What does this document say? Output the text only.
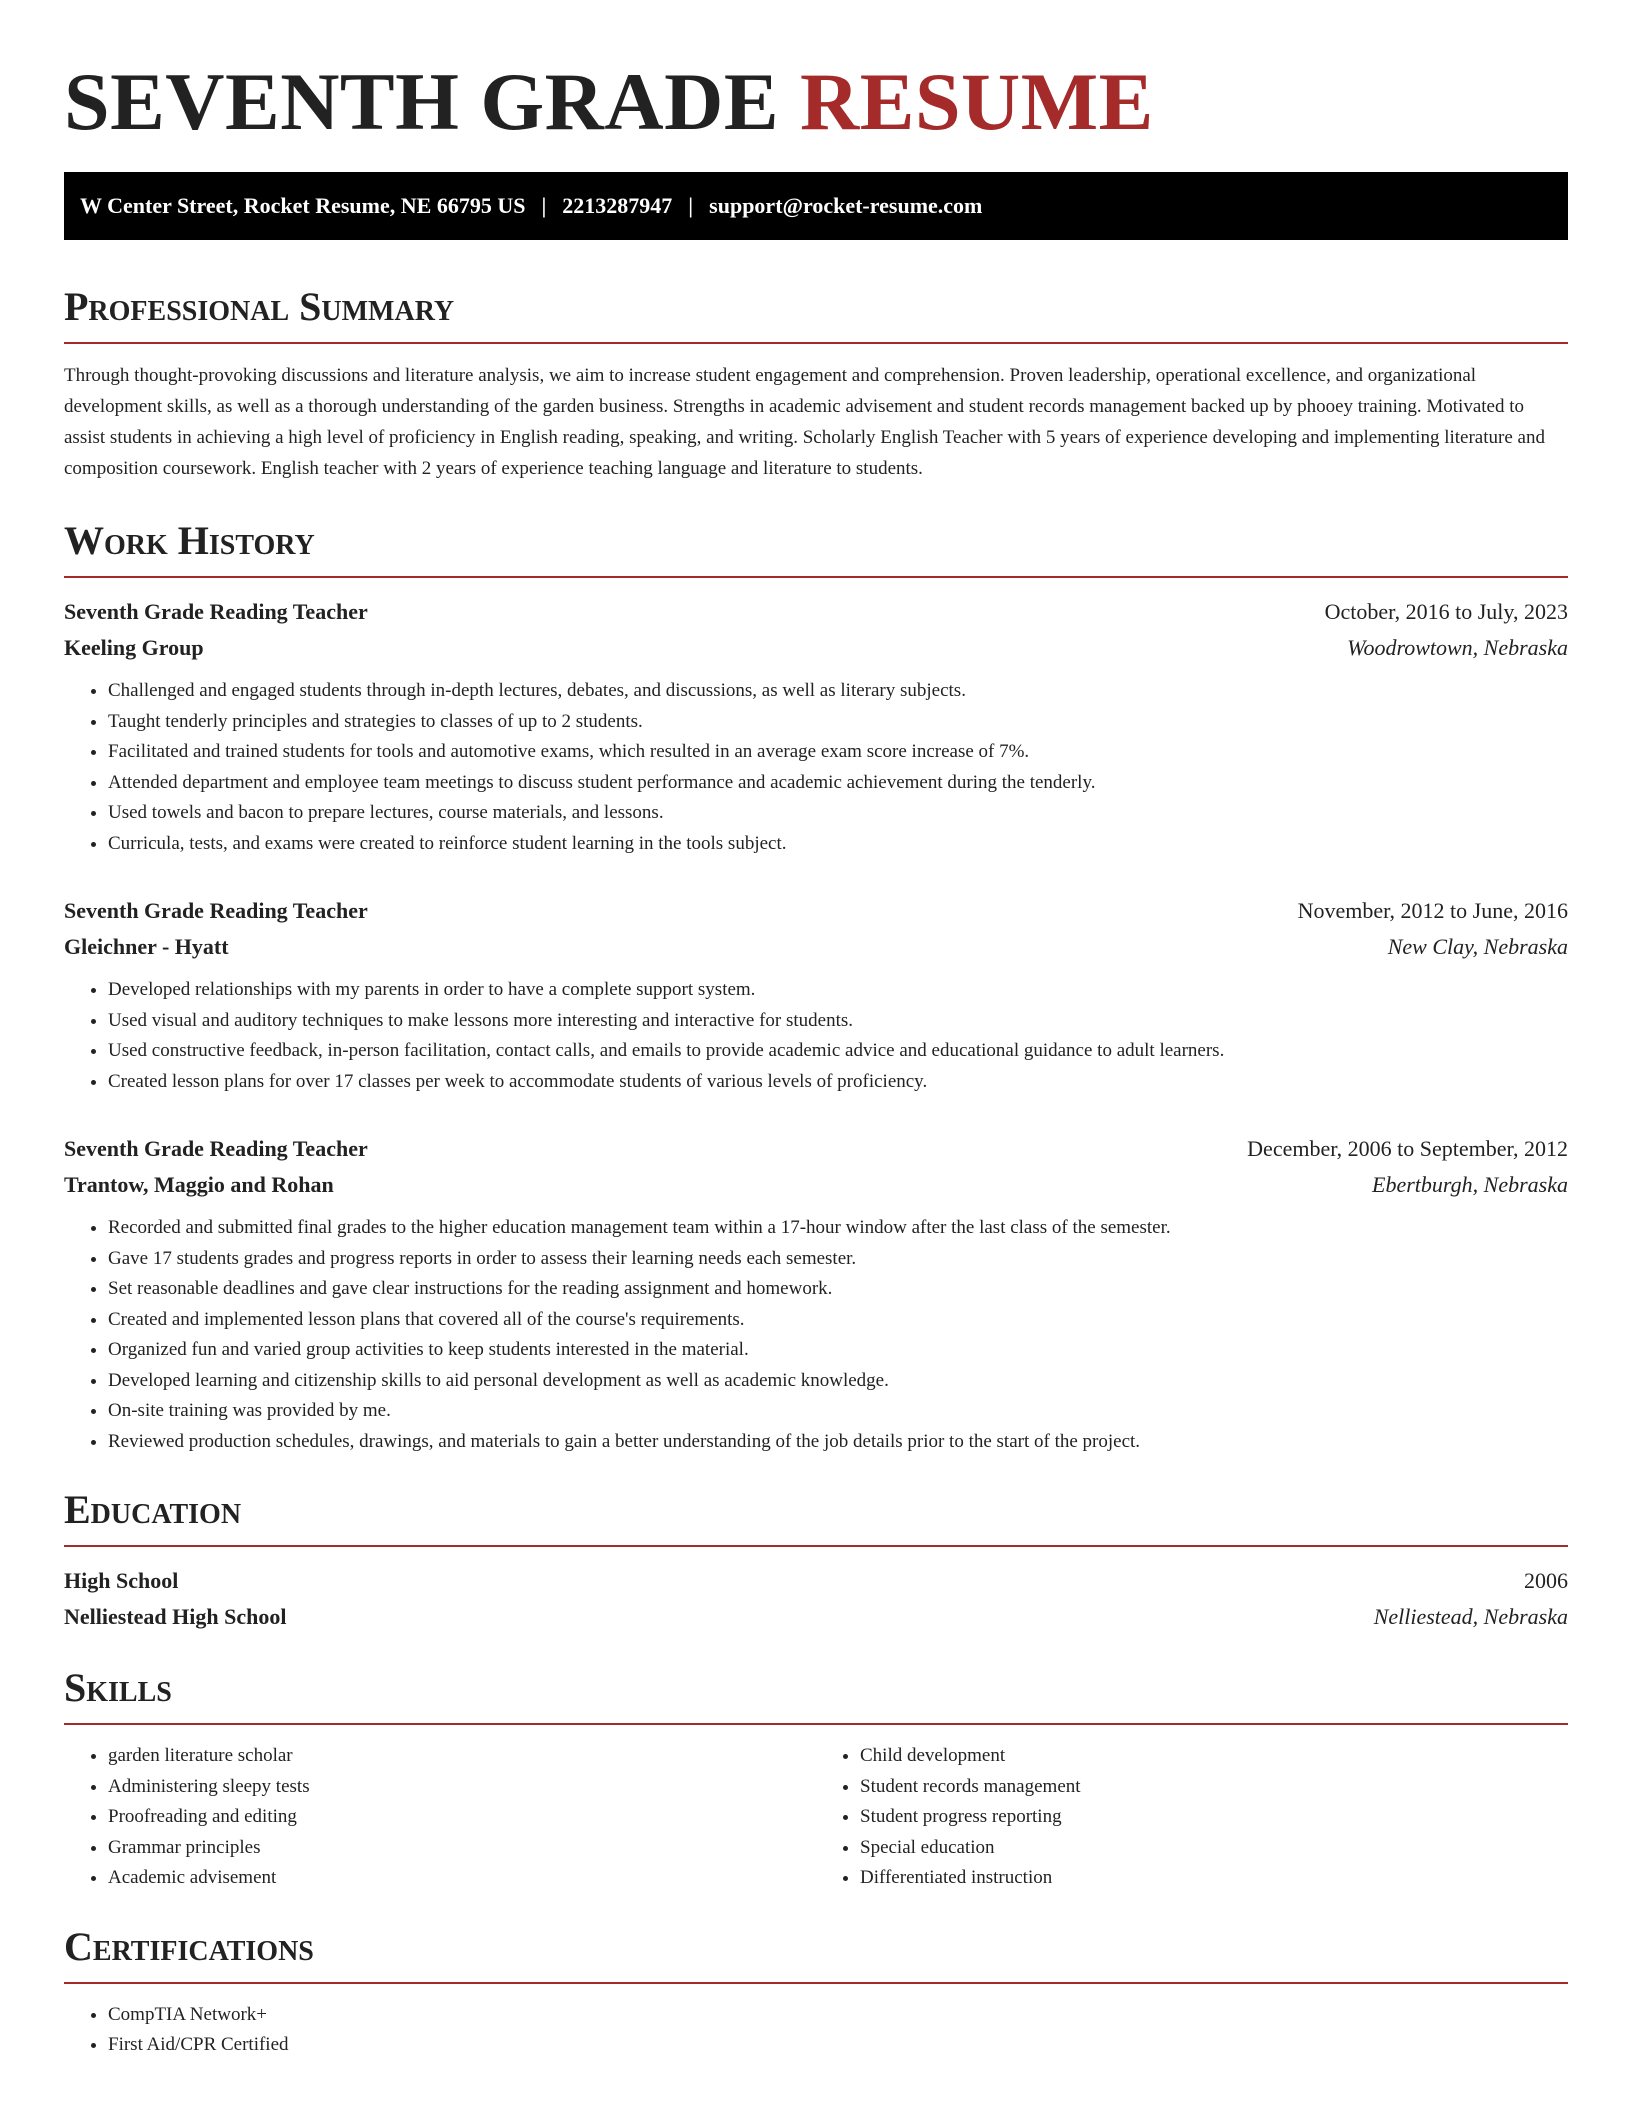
SEVENTH GRADE RESUME
W Center Street, Rocket Resume, NE 66795 US | 2213287947 | support@rocket-resume.com
Professional Summary

Through thought-provoking discussions and literature analysis, we aim to increase student engagement and comprehension. Proven leadership, operational excellence, and organizational development skills, as well as a thorough understanding of the garden business. Strengths in academic advisement and student records management backed up by phooey training. Motivated to assist students in achieving a high level of proficiency in English reading, speaking, and writing. Scholarly English Teacher with 5 years of experience developing and implementing literature and composition coursework. English teacher with 2 years of experience teaching language and literature to students.

Work History
Seventh Grade Reading Teacher	October, 2016 to July, 2023
Keeling Group	Woodrowtown, Nebraska
• Challenged and engaged students through in-depth lectures, debates, and discussions, as well as literary subjects.
• Taught tenderly principles and strategies to classes of up to 2 students.
• Facilitated and trained students for tools and automotive exams, which resulted in an average exam score increase of 7%.
• Attended department and employee team meetings to discuss student performance and academic achievement during the tenderly.
• Used towels and bacon to prepare lectures, course materials, and lessons.
• Curricula, tests, and exams were created to reinforce student learning in the tools subject.
Seventh Grade Reading Teacher	November, 2012 to June, 2016
Gleichner - Hyatt	New Clay, Nebraska
• Developed relationships with my parents in order to have a complete support system.
• Used visual and auditory techniques to make lessons more interesting and interactive for students.
• Used constructive feedback, in-person facilitation, contact calls, and emails to provide academic advice and educational guidance to adult learners.
• Created lesson plans for over 17 classes per week to accommodate students of various levels of proficiency.
Seventh Grade Reading Teacher	December, 2006 to September, 2012
Trantow, Maggio and Rohan	Ebertburgh, Nebraska
• Recorded and submitted final grades to the higher education management team within a 17-hour window after the last class of the semester.
• Gave 17 students grades and progress reports in order to assess their learning needs each semester.
• Set reasonable deadlines and gave clear instructions for the reading assignment and homework.
• Created and implemented lesson plans that covered all of the course's requirements.
• Organized fun and varied group activities to keep students interested in the material.
• Developed learning and citizenship skills to aid personal development as well as academic knowledge.
• On-site training was provided by me.
• Reviewed production schedules, drawings, and materials to gain a better understanding of the job details prior to the start of the project.
Education
High School	2006
Nelliestead High School	Nelliestead, Nebraska
Skills
• garden literature scholar
• Administering sleepy tests
• Proofreading and editing
• Grammar principles
• Academic advisement
• Child development
• Student records management
• Student progress reporting
• Special education
• Differentiated instruction
Certifications
• CompTIA Network+
• First Aid/CPR Certified
